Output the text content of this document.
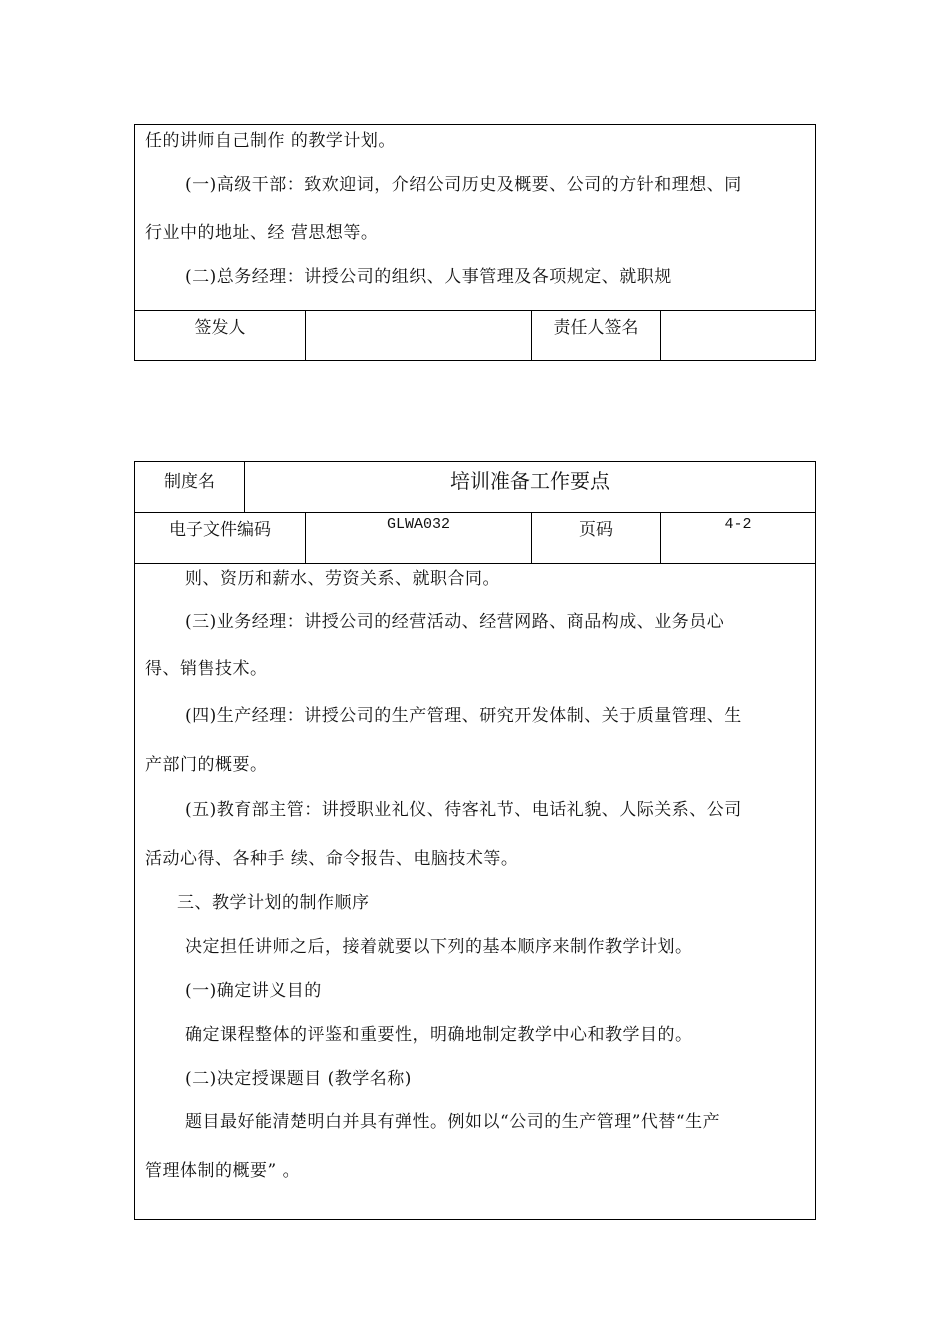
任的讲师自己制作 的教学计划。
(一)高级干部：致欢迎词，介绍公司历史及概要、公司的方针和理想、同
行业中的地址、经 营思想等。
(二)总务经理：讲授公司的组织、人事管理及各项规定、就职规
签发人	责任人签名
制度名	培训准备工作要点
电子文件编码	GLWA032	页码	4-2
则、资历和薪水、劳资关系、就职合同。
(三)业务经理：讲授公司的经营活动、经营网路、商品构成、业务员心
得、销售技术。
(四)生产经理：讲授公司的生产管理、研究开发体制、关于质量管理、生
产部门的概要。
(五)教育部主管：讲授职业礼仪、待客礼节、电话礼貌、人际关系、公司
活动心得、各种手 续、命令报告、电脑技术等。
三、教学计划的制作顺序
决定担任讲师之后，接着就要以下列的基本顺序来制作教学计划。
(一)确定讲义目的
确定课程整体的评鉴和重要性，明确地制定教学中心和教学目的。
(二)决定授课题目 (教学名称)
题目最好能清楚明白并具有弹性。例如以“公司的生产管理”代替“生产
管理体制的概要” 。
